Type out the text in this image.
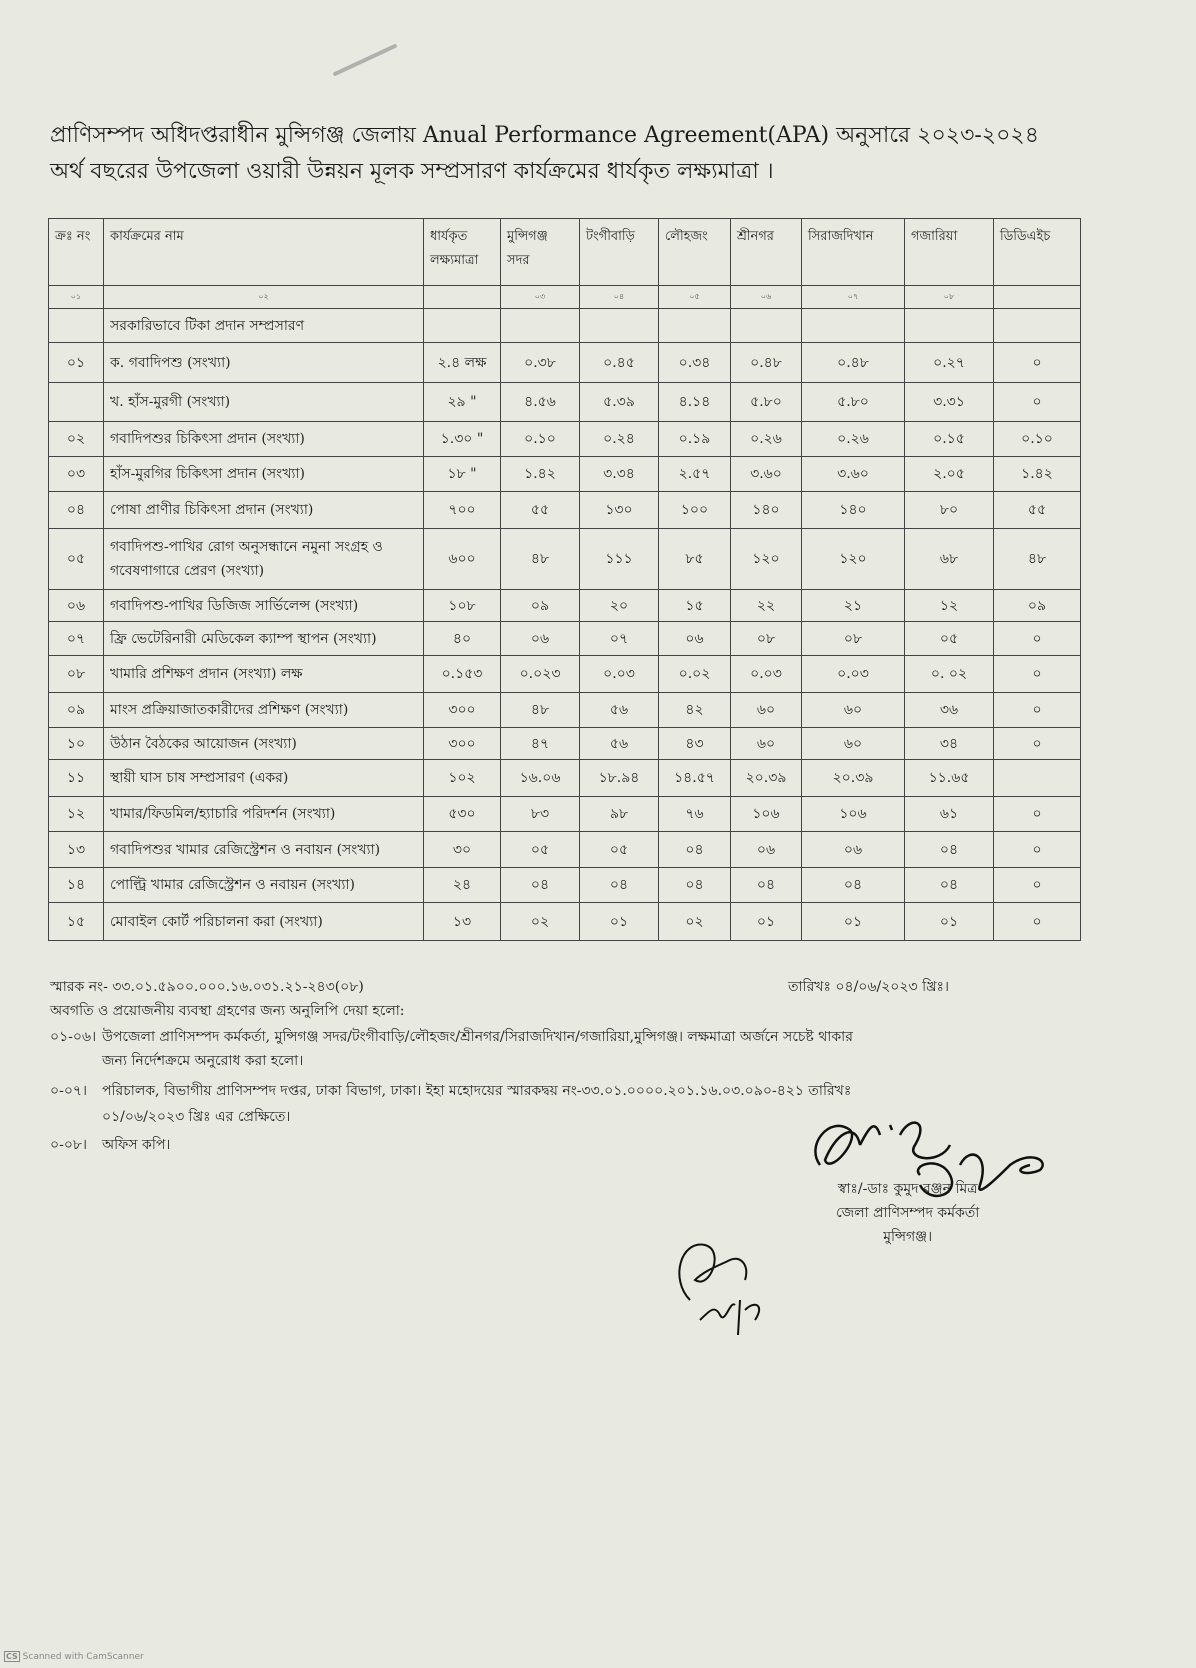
প্রাণিসম্পদ অধিদপ্তরাধীন মুন্সিগঞ্জ জেলায় Anual Performance Agreement(APA) অনুসারে ২০২৩-২০২৪ অর্থ বছরের উপজেলা ওয়ারী উন্নয়ন মূলক সম্প্রসারণ কার্যক্রমের ধার্যকৃত লক্ষ্যমাত্রা ।
ক্রঃ নং	কার্যক্রমের নাম	ধার্যকৃত লক্ষ্যমাত্রা	মুন্সিগঞ্জ সদর	টংগীবাড়ি	লৌহজং	শ্রীনগর	সিরাজদিখান	গজারিয়া	ডিডিএইচ
০১	০২		০৩	০৪	০৫	০৬	০৭	০৮	
	সরকারিভাবে টিকা প্রদান সম্প্রসারণ								
০১	ক. গবাদিপশু (সংখ্যা)	২.৪ লক্ষ	০.৩৮	০.৪৫	০.৩৪	০.৪৮	০.৪৮	০.২৭	০
	খ. হাঁস-মুরগী (সংখ্যা)	২৯ "	৪.৫৬	৫.৩৯	৪.১৪	৫.৮০	৫.৮০	৩.৩১	০
০২	গবাদিপশুর চিকিৎসা প্রদান (সংখ্যা)	১.৩০ "	০.১০	০.২৪	০.১৯	০.২৬	০.২৬	০.১৫	০.১০
০৩	হাঁস-মুরগির চিকিৎসা প্রদান (সংখ্যা)	১৮ "	১.৪২	৩.৩৪	২.৫৭	৩.৬০	৩.৬০	২.০৫	১.৪২
০৪	পোষা প্রাণীর চিকিৎসা প্রদান (সংখ্যা)	৭০০	৫৫	১৩০	১০০	১৪০	১৪০	৮০	৫৫
০৫	গবাদিপশু-পাখির রোগ অনুসন্ধানে নমুনা সংগ্রহ ও গবেষণাগারে প্রেরণ (সংখ্যা)	৬০০	৪৮	১১১	৮৫	১২০	১২০	৬৮	৪৮
০৬	গবাদিপশু-পাখির ডিজিজ সার্ভিলেন্স (সংখ্যা)	১০৮	০৯	২০	১৫	২২	২১	১২	০৯
০৭	ফ্রি ভেটেরিনারী মেডিকেল ক্যাম্প স্থাপন (সংখ্যা)	৪০	০৬	০৭	০৬	০৮	০৮	০৫	০
০৮	খামারি প্রশিক্ষণ প্রদান (সংখ্যা) লক্ষ	০.১৫৩	০.০২৩	০.০৩	০.০২	০.০৩	০.০৩	০. ০২	০
০৯	মাংস প্রক্রিয়াজাতকারীদের প্রশিক্ষণ (সংখ্যা)	৩০০	৪৮	৫৬	৪২	৬০	৬০	৩৬	০
১০	উঠান বৈঠকের আয়োজন (সংখ্যা)	৩০০	৪৭	৫৬	৪৩	৬০	৬০	৩৪	০
১১	স্থায়ী ঘাস চাষ সম্প্রসারণ (একর)	১০২	১৬.০৬	১৮.৯৪	১৪.৫৭	২০.৩৯	২০.৩৯	১১.৬৫	
১২	খামার/ফিডমিল/হ্যাচারি পরিদর্শন (সংখ্যা)	৫৩০	৮৩	৯৮	৭৬	১০৬	১০৬	৬১	০
১৩	গবাদিপশুর খামার রেজিস্ট্রেশন ও নবায়ন (সংখ্যা)	৩০	০৫	০৫	০৪	০৬	০৬	০৪	০
১৪	পোল্ট্রি খামার রেজিস্ট্রেশন ও নবায়ন (সংখ্যা)	২৪	০৪	০৪	০৪	০৪	০৪	০৪	০
১৫	মোবাইল কোর্ট পরিচালনা করা (সংখ্যা)	১৩	০২	০১	০২	০১	০১	০১	০
স্মারক নং- ৩৩.০১.৫৯০০.০০০.১৬.০৩১.২১-২৪৩(০৮)	তারিখঃ ০৪/০৬/২০২৩ খ্রিঃ।
অবগতি ও প্রয়োজনীয় ব্যবস্থা গ্রহণের জন্য অনুলিপি দেয়া হলো:
০১-০৬। উপজেলা প্রাণিসম্পদ কর্মকর্তা, মুন্সিগঞ্জ সদর/টংগীবাড়ি/লৌহজং/শ্রীনগর/সিরাজদিখান/গজারিয়া,মুন্সিগঞ্জ। লক্ষমাত্রা অর্জনে সচেষ্ট থাকার
জন্য নির্দেশক্রমে অনুরোধ করা হলো।
০-০৭। পরিচালক, বিভাগীয় প্রাণিসম্পদ দপ্তর, ঢাকা বিভাগ, ঢাকা। ইহা মহোদয়ের স্মারকদ্বয় নং-৩৩.০১.০০০০.২০১.১৬.০৩.০৯০-৪২১ তারিখঃ
০১/০৬/২০২৩ খ্রিঃ এর প্রেক্ষিতে।
০-০৮। অফিস কপি।
স্বাঃ/-ডাঃ কুমুদ রঞ্জন মিত্র
জেলা প্রাণিসম্পদ কর্মকর্তা
মুন্সিগঞ্জ।
CS Scanned with CamScanner
